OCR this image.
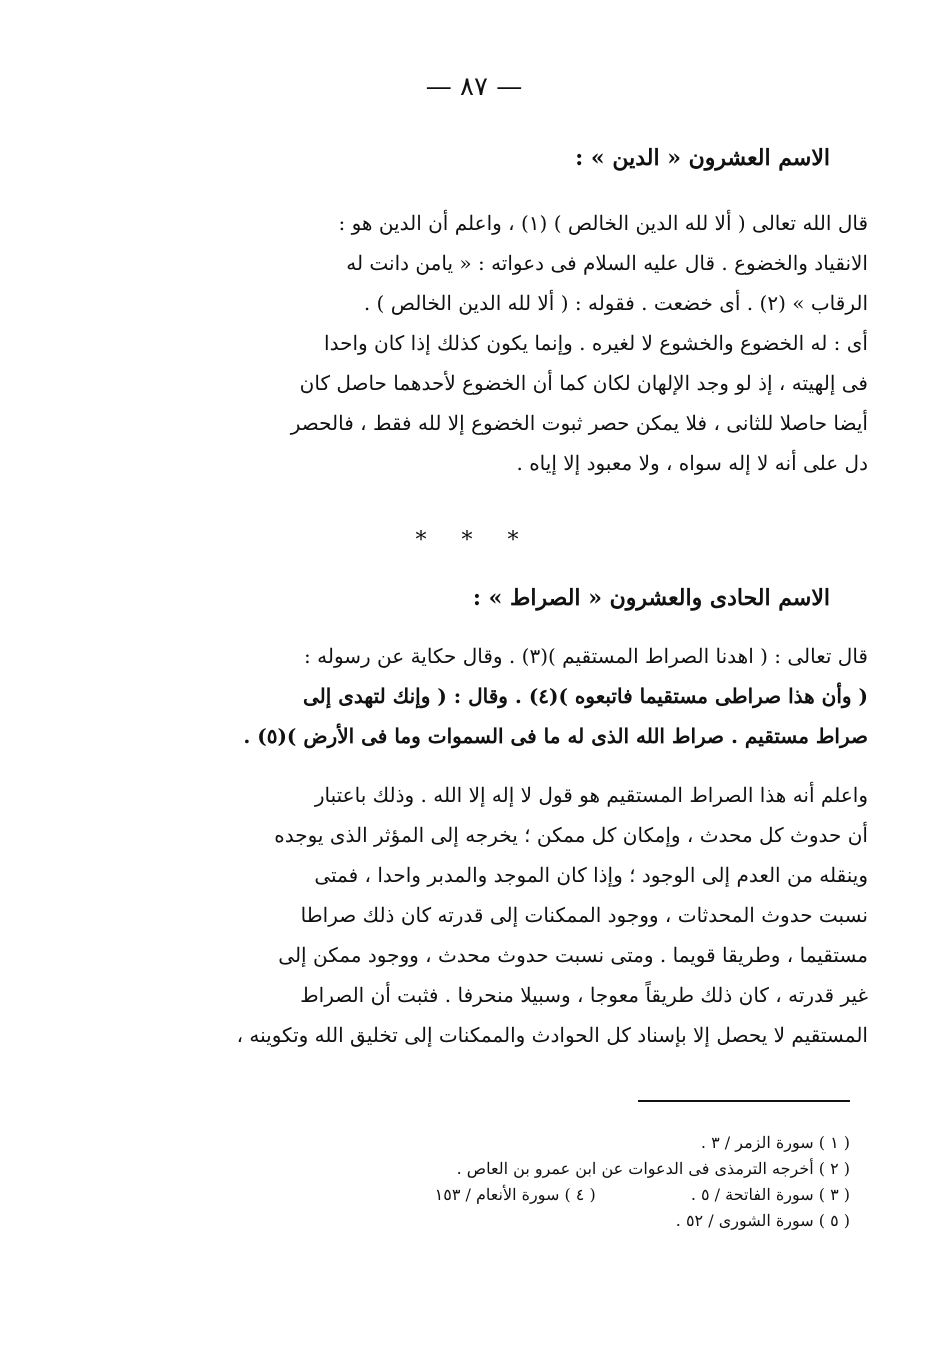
— ٨٧ —
الاسم العشرون « الدين » :

قال الله تعالى ( ألا لله الدين الخالص ) (١) ، واعلم أن الدين هو :

الانقياد والخضوع . قال عليه السلام فى دعواته : « يامن دانت له

الرقاب » (٢) . أى خضعت . فقوله : ( ألا لله الدين الخالص ) .

أى : له الخضوع والخشوع لا لغيره . وإنما يكون كذلك إذا كان واحدا

فى إلهيته ، إذ لو وجد الإلهان لكان كما أن الخضوع لأحدهما حاصل كان

أيضا حاصلا للثانى ، فلا يمكن حصر ثبوت الخضوع إلا لله فقط ، فالحصر

دل على أنه لا إله سواه ، ولا معبود إلا إياه .

* * *
الاسم الحادى والعشرون « الصراط » :

قال تعالى : ( اهدنا الصراط المستقيم )(٣) . وقال حكاية عن رسوله :

( وأن هذا صراطى مستقيما فاتبعوه )(٤) . وقال : ( وإنك لتهدى إلى

صراط مستقيم . صراط الله الذى له ما فى السموات وما فى الأرض )(٥) .

واعلم أنه هذا الصراط المستقيم هو قول لا إله إلا الله . وذلك باعتبار

أن حدوث كل محدث ، وإمكان كل ممكن ؛ يخرجه إلى المؤثر الذى يوجده

وينقله من العدم إلى الوجود ؛ وإذا كان الموجد والمدبر واحدا ، فمتى

نسبت حدوث المحدثات ، ووجود الممكنات إلى قدرته كان ذلك صراطا

مستقيما ، وطريقا قويما . ومتى نسبت حدوث محدث ، ووجود ممكن إلى

غير قدرته ، كان ذلك طريقاً معوجا ، وسبيلا منحرفا . فثبت أن الصراط

المستقيم لا يحصل إلا بإسناد كل الحوادث والممكنات إلى تخليق الله وتكوينه ،

( ١ ) سورة الزمر / ٣ .
( ٢ ) أخرجه الترمذى فى الدعوات عن ابن عمرو بن العاص .
( ٣ ) سورة الفاتحة / ٥ . ( ٤ ) سورة الأنعام / ١٥٣
( ٥ ) سورة الشورى / ٥٢ .
